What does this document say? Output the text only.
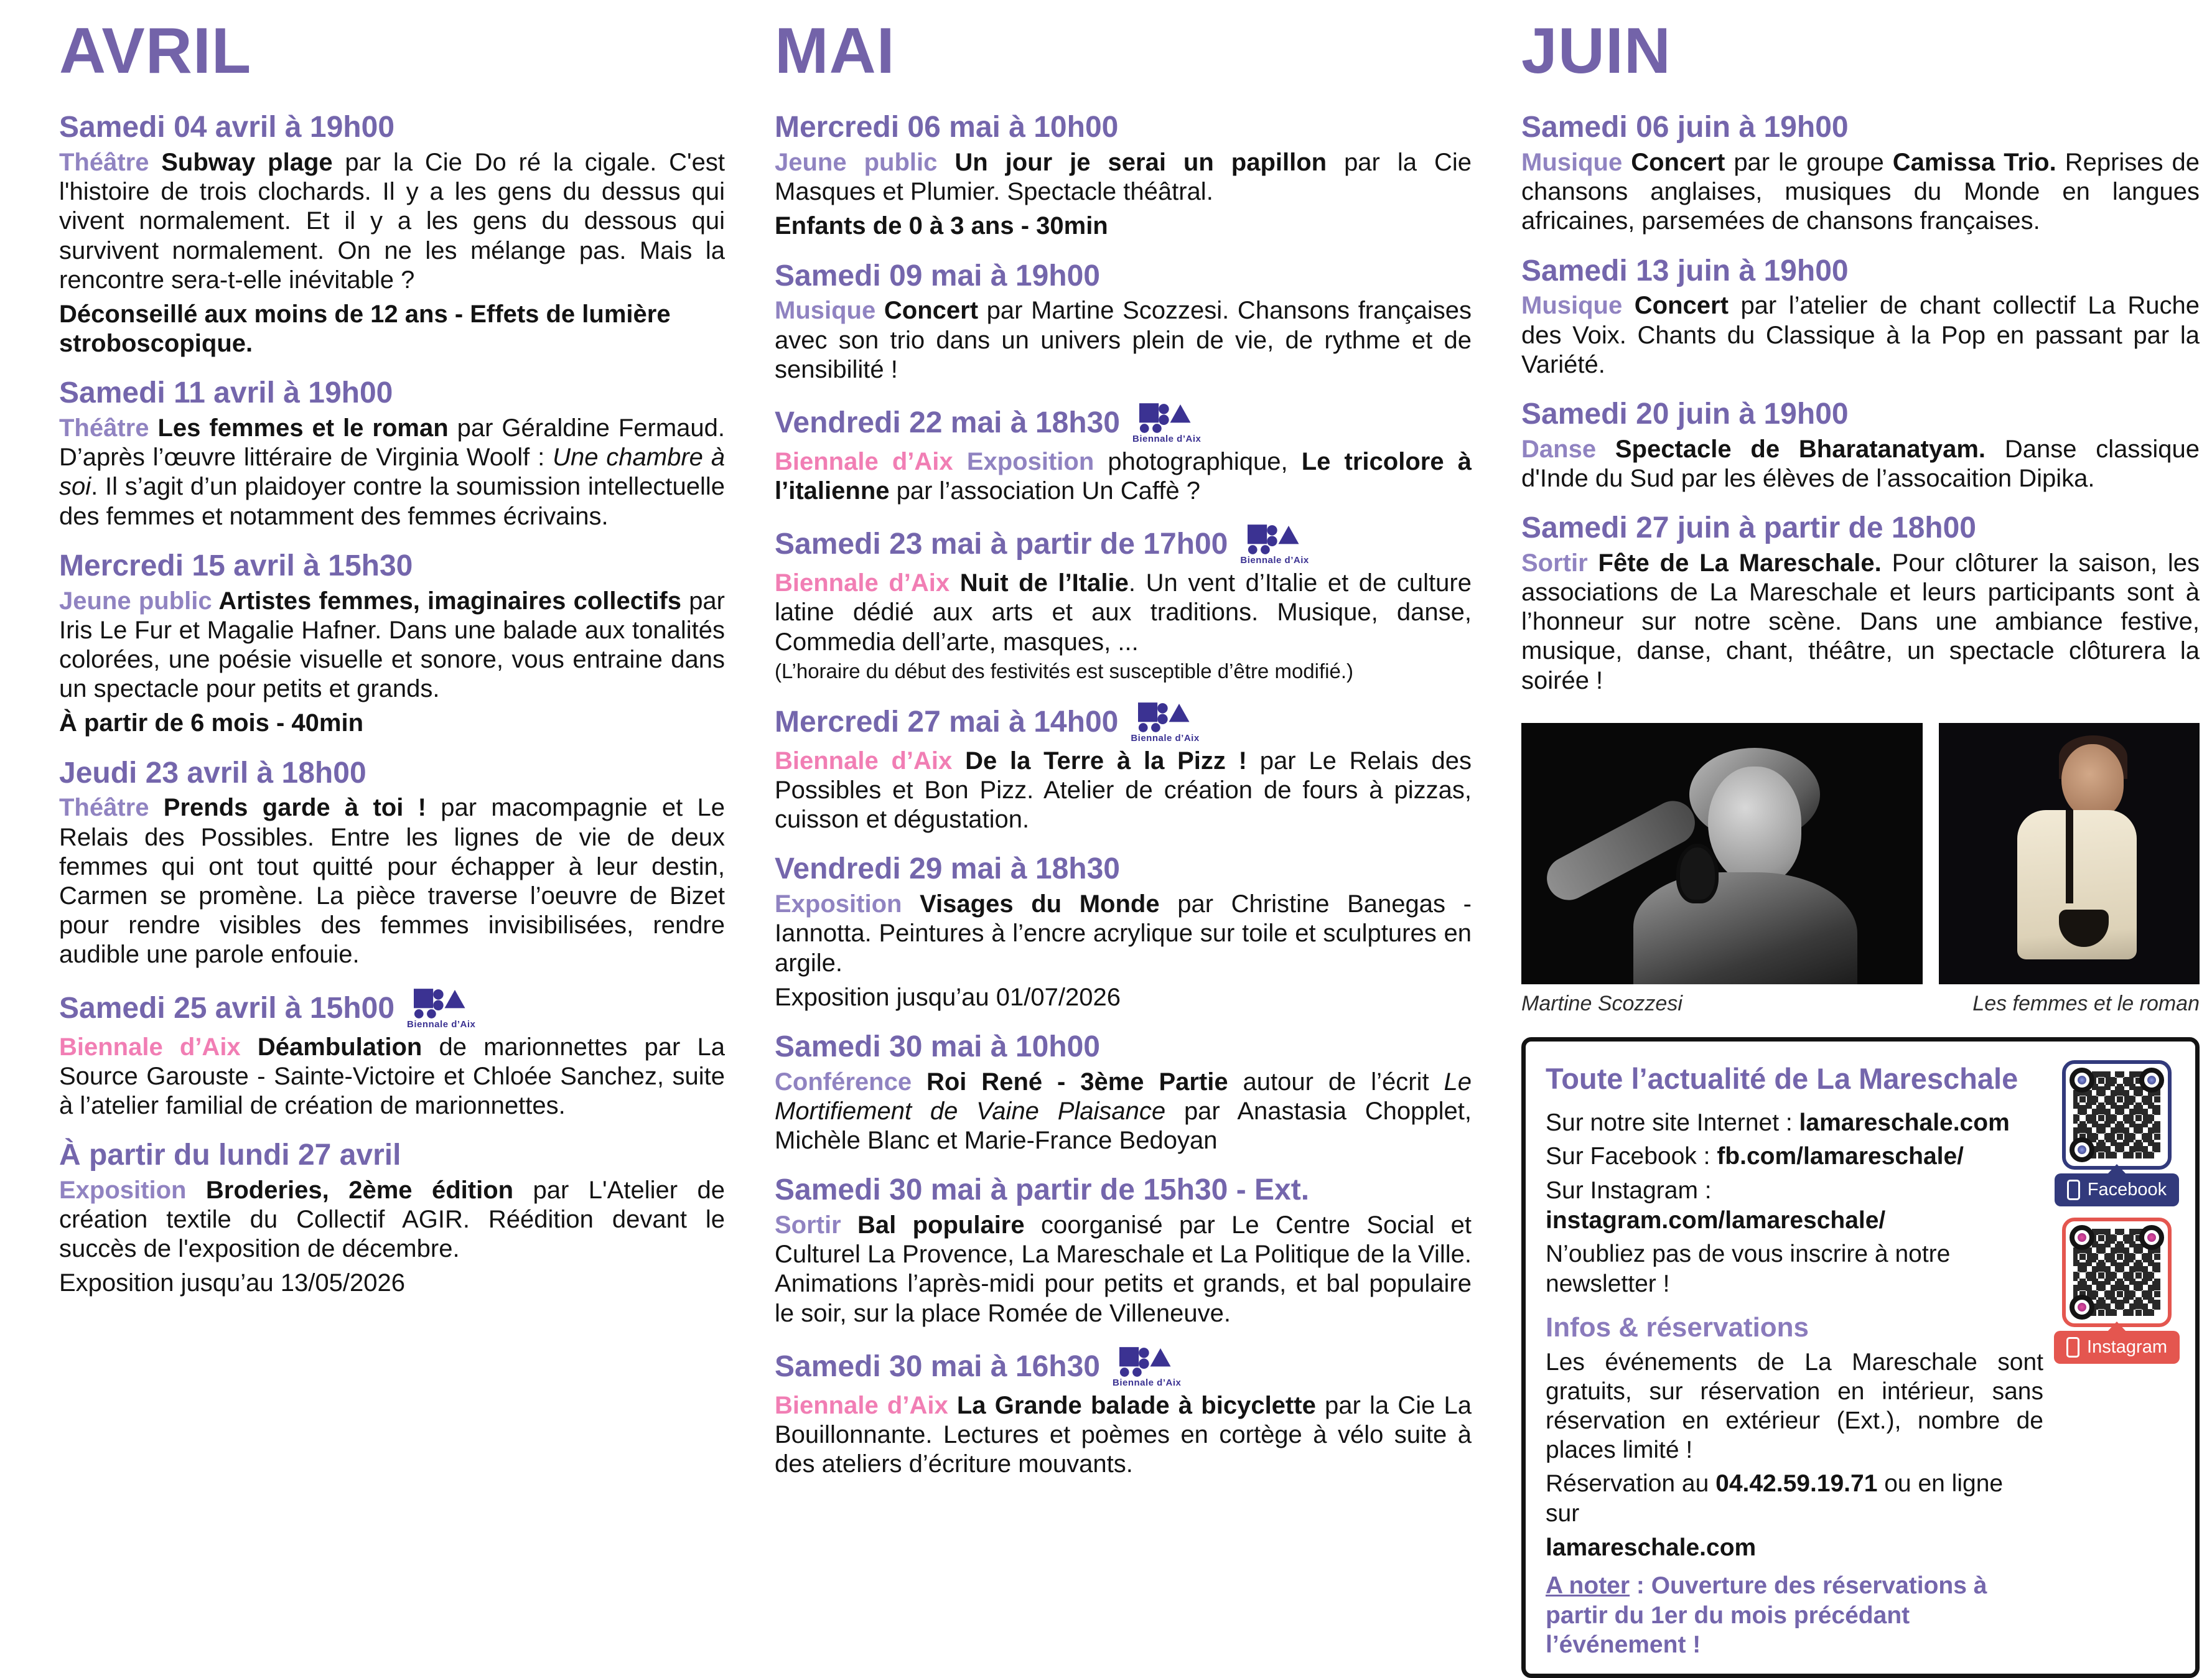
AVRIL
Samedi 04 avril à 19h00

Théâtre Subway plage par la Cie Do ré la cigale. C'est l'histoire de trois clochards. Il y a les gens du dessus qui vivent normalement. Et il y a les gens du dessous qui survivent normalement. On ne les mélange pas. Mais la rencontre sera-t-elle inévitable ?

Déconseillé aux moins de 12 ans - Effets de lumière stroboscopique.

Samedi 11 avril à 19h00

Théâtre Les femmes et le roman par Géraldine Fermaud. D’après l’œuvre littéraire de Virginia Woolf : Une chambre à soi. Il s’agit d’un plaidoyer contre la soumission intellectuelle des femmes et notamment des femmes écrivains.

Mercredi 15 avril à 15h30

Jeune public Artistes femmes, imaginaires collectifs par Iris Le Fur et Magalie Hafner. Dans une balade aux tonalités colorées, une poésie visuelle et sonore, vous entraine dans un spectacle pour petits et grands.

À partir de 6 mois - 40min

Jeudi 23 avril à 18h00

Théâtre Prends garde à toi ! par macompagnie et Le Relais des Possibles. Entre les lignes de vie de deux femmes qui ont tout quitté pour échapper à leur destin, Carmen se promène. La pièce traverse l’oeuvre de Bizet pour rendre visibles des femmes invisibilisées, rendre audible une parole enfouie.

Samedi 25 avril à 15h00 Biennale d’Aix

Biennale d’Aix Déambulation de marionnettes par La Source Garouste - Sainte-Victoire et Chloée Sanchez, suite à l’atelier familial de création de marionnettes.

À partir du lundi 27 avril

Exposition Broderies, 2ème édition par L'Atelier de création textile du Collectif AGIR. Réédition devant le succès de l'exposition de décembre.

Exposition jusqu’au 13/05/2026

MAI
Mercredi 06 mai à 10h00

Jeune public Un jour je serai un papillon par la Cie Masques et Plumier. Spectacle théâtral.

Enfants de 0 à 3 ans - 30min

Samedi 09 mai à 19h00

Musique Concert par Martine Scozzesi. Chansons françaises avec son trio dans un univers plein de vie, de rythme et de sensibilité !

Vendredi 22 mai à 18h30 Biennale d’Aix

Biennale d’Aix Exposition photographique, Le tricolore à l’italienne par l’association Un Caffè ?

Samedi 23 mai à partir de 17h00 Biennale d’Aix

Biennale d’Aix Nuit de l’Italie. Un vent d’Italie et de culture latine dédié aux arts et aux traditions. Musique, danse, Commedia dell’arte, masques, ...

(L’horaire du début des festivités est susceptible d’être modifié.)

Mercredi 27 mai à 14h00 Biennale d’Aix

Biennale d’Aix De la Terre à la Pizz ! par Le Relais des Possibles et Bon Pizz. Atelier de création de fours à pizzas, cuisson et dégustation.

Vendredi 29 mai à 18h30

Exposition Visages du Monde par Christine Banegas - Iannotta. Peintures à l’encre acrylique sur toile et sculptures en argile.

Exposition jusqu’au 01/07/2026

Samedi 30 mai à 10h00

Conférence Roi René - 3ème Partie autour de l’écrit Le Mortifiement de Vaine Plaisance par Anastasia Chopplet, Michèle Blanc et Marie-France Bedoyan

Samedi 30 mai à partir de 15h30 - Ext.

Sortir Bal populaire coorganisé par Le Centre Social et Culturel La Provence, La Mareschale et La Politique de la Ville. Animations l’après-midi pour petits et grands, et bal populaire le soir, sur la place Romée de Villeneuve.

Samedi 30 mai à 16h30 Biennale d’Aix

Biennale d’Aix La Grande balade à bicyclette par la Cie La Bouillonnante. Lectures et poèmes en cortège à vélo suite à des ateliers d’écriture mouvants.

JUIN
Samedi 06 juin à 19h00

Musique Concert par le groupe Camissa Trio. Reprises de chansons anglaises, musiques du Monde en langues africaines, parsemées de chansons françaises.

Samedi 13 juin à 19h00

Musique Concert par l’atelier de chant collectif La Ruche des Voix. Chants du Classique à la Pop en passant par la Variété.

Samedi 20 juin à 19h00

Danse Spectacle de Bharatanatyam. Danse classique d'Inde du Sud par les élèves de l’assocaition Dipika.

Samedi 27 juin à partir de 18h00

Sortir Fête de La Mareschale. Pour clôturer la saison, les associations de La Mareschale et leurs participants sont à l’honneur sur notre scène. Dans une ambiance festive, musique, danse, chant, théâtre, un spectacle clôturera la soirée !

Martine Scozzesi	Les femmes et le roman
Toute l’actualité de La Mareschale

Sur notre site Internet : lamareschale.com

Sur Facebook : fb.com/lamareschale/

Sur Instagram : instagram.com/lamareschale/

N’oubliez pas de vous inscrire à notre newsletter !

Infos & réservations

Les événements de La Mareschale sont gratuits, sur réservation en intérieur, sans réservation en extérieur (Ext.), nombre de places limité !

Réservation au 04.42.59.19.71 ou en ligne sur

lamareschale.com

A noter : Ouverture des réservations à partir du 1er du mois précédant l’événement !

Facebook
Instagram
